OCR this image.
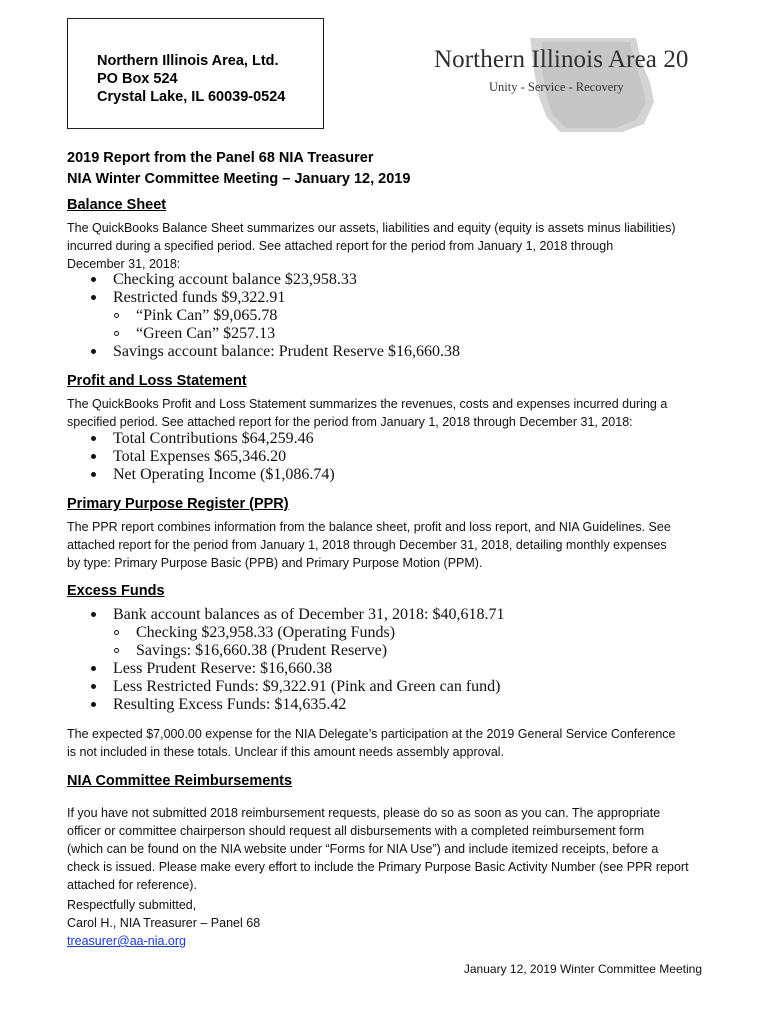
Northern Illinois Area, Ltd.
PO Box 524
Crystal Lake, IL 60039-0524
Northern Illinois Area 20
Unity - Service - Recovery
2019 Report from the Panel 68 NIA Treasurer
NIA Winter Committee Meeting – January 12, 2019
Balance Sheet
The QuickBooks Balance Sheet summarizes our assets, liabilities and equity (equity is assets minus liabilities)
incurred during a specified period. See attached report for the period from January 1, 2018 through
December 31, 2018:
Checking account balance $23,958.33
Restricted funds $9,322.91
“Pink Can” $9,065.78
“Green Can” $257.13
Savings account balance: Prudent Reserve $16,660.38
Profit and Loss Statement
The QuickBooks Profit and Loss Statement summarizes the revenues, costs and expenses incurred during a
specified period. See attached report for the period from January 1, 2018 through December 31, 2018:
Total Contributions $64,259.46
Total Expenses $65,346.20
Net Operating Income ($1,086.74)
Primary Purpose Register (PPR)
The PPR report combines information from the balance sheet, profit and loss report, and NIA Guidelines. See
attached report for the period from January 1, 2018 through December 31, 2018, detailing monthly expenses
by type: Primary Purpose Basic (PPB) and Primary Purpose Motion (PPM).
Excess Funds
Bank account balances as of December 31, 2018: $40,618.71
Checking $23,958.33 (Operating Funds)
Savings: $16,660.38 (Prudent Reserve)
Less Prudent Reserve: $16,660.38
Less Restricted Funds: $9,322.91 (Pink and Green can fund)
Resulting Excess Funds: $14,635.42
The expected $7,000.00 expense for the NIA Delegate’s participation at the 2019 General Service Conference
is not included in these totals. Unclear if this amount needs assembly approval.
NIA Committee Reimbursements
If you have not submitted 2018 reimbursement requests, please do so as soon as you can. The appropriate
officer or committee chairperson should request all disbursements with a completed reimbursement form
(which can be found on the NIA website under “Forms for NIA Use”) and include itemized receipts, before a
check is issued. Please make every effort to include the Primary Purpose Basic Activity Number (see PPR report
attached for reference).
Respectfully submitted,
Carol H., NIA Treasurer – Panel 68
treasurer@aa-nia.org
January 12, 2019 Winter Committee Meeting
